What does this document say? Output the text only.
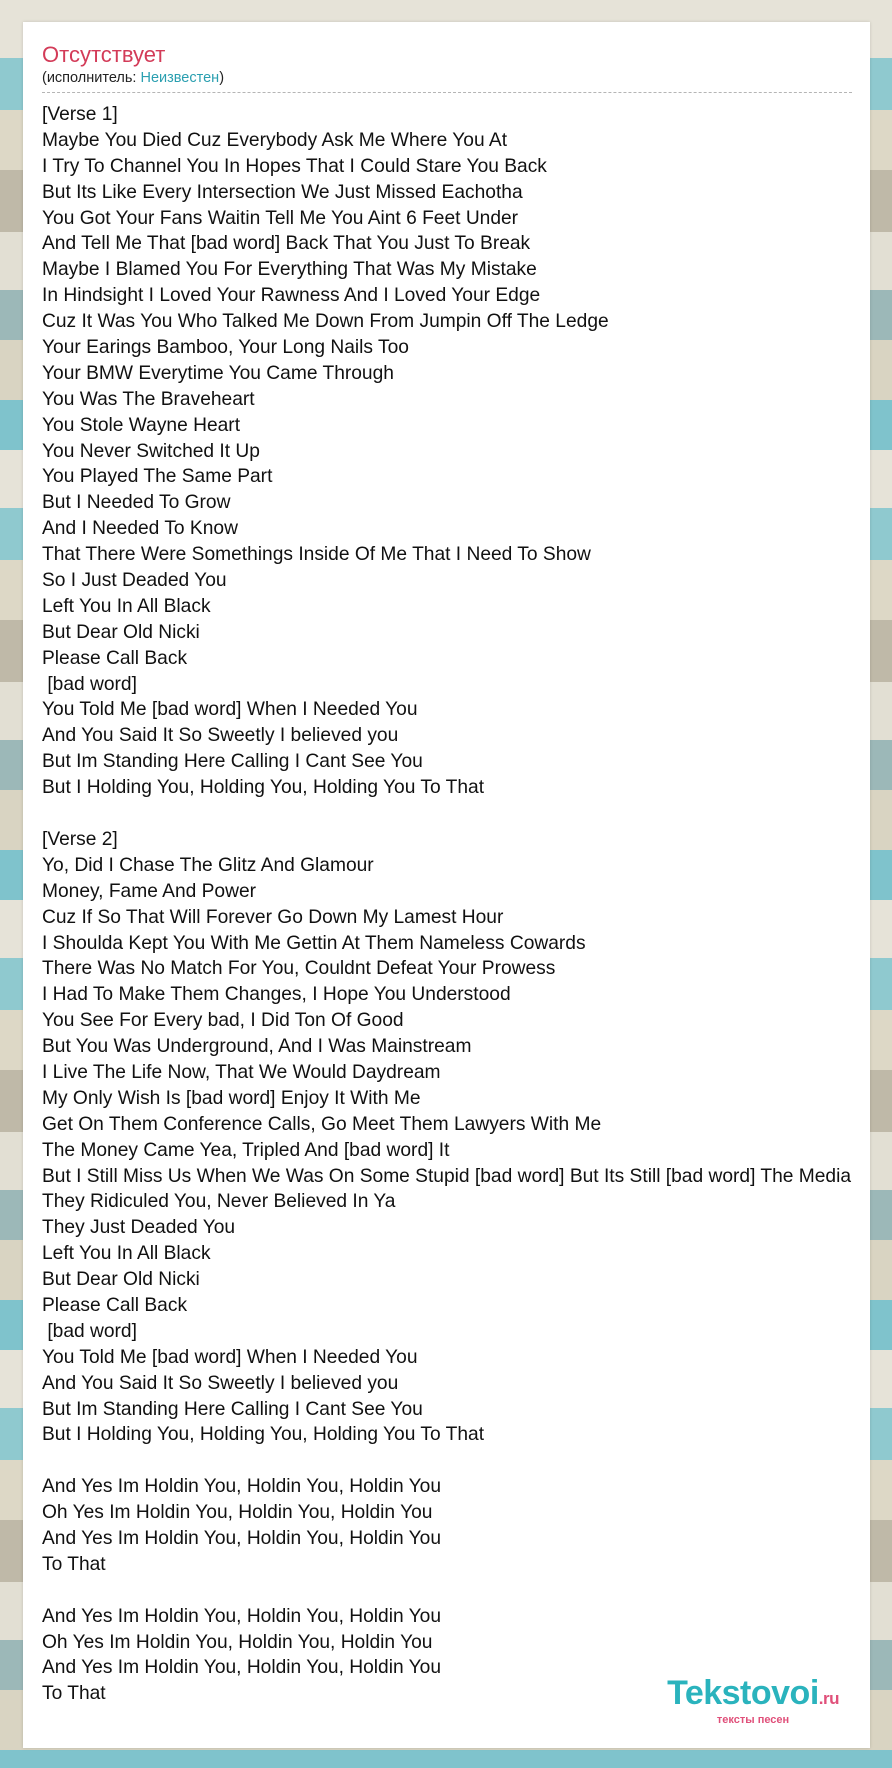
Отсутствует
(исполнитель: Неизвестен)
[Verse 1]
Maybe You Died Cuz Everybody Ask Me Where You At
I Try To Channel You In Hopes That I Could Stare You Back
But Its Like Every Intersection We Just Missed Eachotha
You Got Your Fans Waitin Tell Me You Aint 6 Feet Under
And Tell Me That [bad word] Back That You Just To Break
Maybe I Blamed You For Everything That Was My Mistake
In Hindsight I Loved Your Rawness And I Loved Your Edge
Cuz It Was You Who Talked Me Down From Jumpin Off The Ledge
Your Earings Bamboo, Your Long Nails Too
Your BMW Everytime You Came Through
You Was The Braveheart
You Stole Wayne Heart
You Never Switched It Up
You Played The Same Part
But I Needed To Grow
And I Needed To Know
That There Were Somethings Inside Of Me That I Need To Show
So I Just Deaded You
Left You In All Black
But Dear Old Nicki
Please Call Back
[bad word]
You Told Me [bad word] When I Needed You
And You Said It So Sweetly I believed you
But Im Standing Here Calling I Cant See You
But I Holding You, Holding You, Holding You To That
[Verse 2]
Yo, Did I Chase The Glitz And Glamour
Money, Fame And Power
Cuz If So That Will Forever Go Down My Lamest Hour
I Shoulda Kept You With Me Gettin At Them Nameless Cowards
There Was No Match For You, Couldnt Defeat Your Prowess
I Had To Make Them Changes, I Hope You Understood
You See For Every bad, I Did Ton Of Good
But You Was Underground, And I Was Mainstream
I Live The Life Now, That We Would Daydream
My Only Wish Is [bad word] Enjoy It With Me
Get On Them Conference Calls, Go Meet Them Lawyers With Me
The Money Came Yea, Tripled And [bad word] It
But I Still Miss Us When We Was On Some Stupid [bad word] But Its Still [bad word] The Media
They Ridiculed You, Never Believed In Ya
They Just Deaded You
Left You In All Black
But Dear Old Nicki
Please Call Back
[bad word]
You Told Me [bad word] When I Needed You
And You Said It So Sweetly I believed you
But Im Standing Here Calling I Cant See You
But I Holding You, Holding You, Holding You To That
And Yes Im Holdin You, Holdin You, Holdin You
Oh Yes Im Holdin You, Holdin You, Holdin You
And Yes Im Holdin You, Holdin You, Holdin You
To That
And Yes Im Holdin You, Holdin You, Holdin You
Oh Yes Im Holdin You, Holdin You, Holdin You
And Yes Im Holdin You, Holdin You, Holdin You
To That	Tekstovoi.ru
тексты песен
